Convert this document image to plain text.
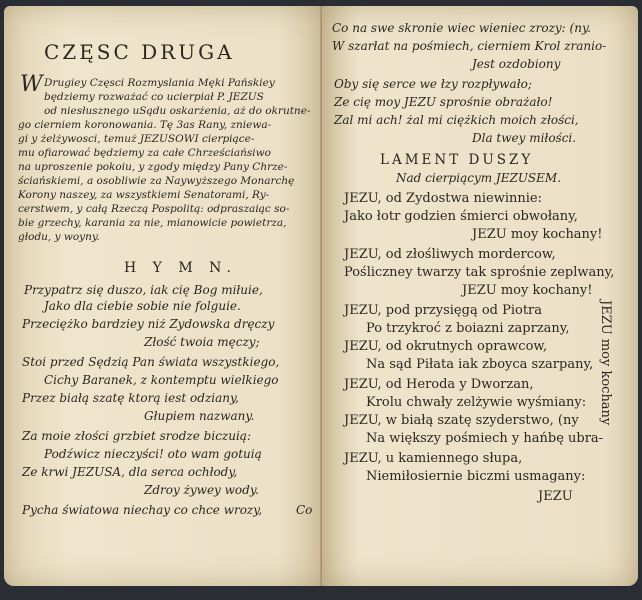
CZĘSC DRUGA
W Drugiey Częsci Rozmyslania Męki Pańskiey
będziemy rozważać co ucierpiał P. JEZUS
od niesłusznego uSądu oskarżenia, aż do okrutne-
go cierniem koronowania. Tę 3as Rany, zniewa-
gi y żelżywosci, temuż JEZUSOWI cierpiące-
mu ofiarować będziemy za całe Chrześciańsiwo
na uproszenie pokoiu, y zgody między Pany Chrze-
ściańskiemi, a osobliwie za Naywyższego Monarchę
Korony naszey, za wszystkiemi Senatorami, Ry-
cerstwem, y całą Rzeczą Pospolitą: odpraszaiąc so-
bie grzechy, karania za nie, mianowicie powietrza,
głodu, y woyny.
H Y M N.
Przypatrz się duszo, iak cię Bog miłuie,
Jako dla ciebie sobie nie folguie.
Przeciężko bardziey niż Zydowska dręczy
Złość twoia męczy;
Stoi przed Sędzią Pan świata wszystkiego,
Cichy Baranek, z kontemptu wielkiego
Przez białą szatę ktorą iest odziany,
Głupiem nazwany.
Za moie złości grzbiet srodze biczuią:
Podźwicz nieczyści! oto wam gotuią
Ze krwi JEZUSA, dla serca ochłody,
Zdroy żywey wody.
Pycha światowa niechay co chce wrozy,	Co
Co na swe skronie wiec wieniec zrozy: (ny.
W szarłat na pośmiech, cierniem Krol zranio-
Jest ozdobiony
Oby się serce we łzy rozpływało;
Ze cię moy JEZU sprośnie obrażało!
Zal mi ach! żal mi ciężkich moich złości,
Dla twey miłości.
LAMENT DUSZY
Nad cierpiącym JEZUSEM.
JEZU, od Zydostwa niewinnie:
Jako łotr godzien śmierci obwołany,
JEZU moy kochany!
JEZU, od złośliwych mordercow,
Pośliczney twarzy tak sprośnie zeplwany,
JEZU moy kochany!
JEZU, pod przysięgą od Piotra
Po trzykroć z boiazni zaprzany,
JEZU, od okrutnych oprawcow,
Na sąd Piłata iak zboyca szarpany,
JEZU, od Heroda y Dworzan,
Krolu chwały zelżywie wyśmiany:
JEZU, w białą szatę szyderstwo, (ny
Na większy pośmiech y hańbę ubra-
JEZU, u kamiennego słupa,
Niemiłosiernie biczmi usmagany:
JEZU
JEZU moy kochany
